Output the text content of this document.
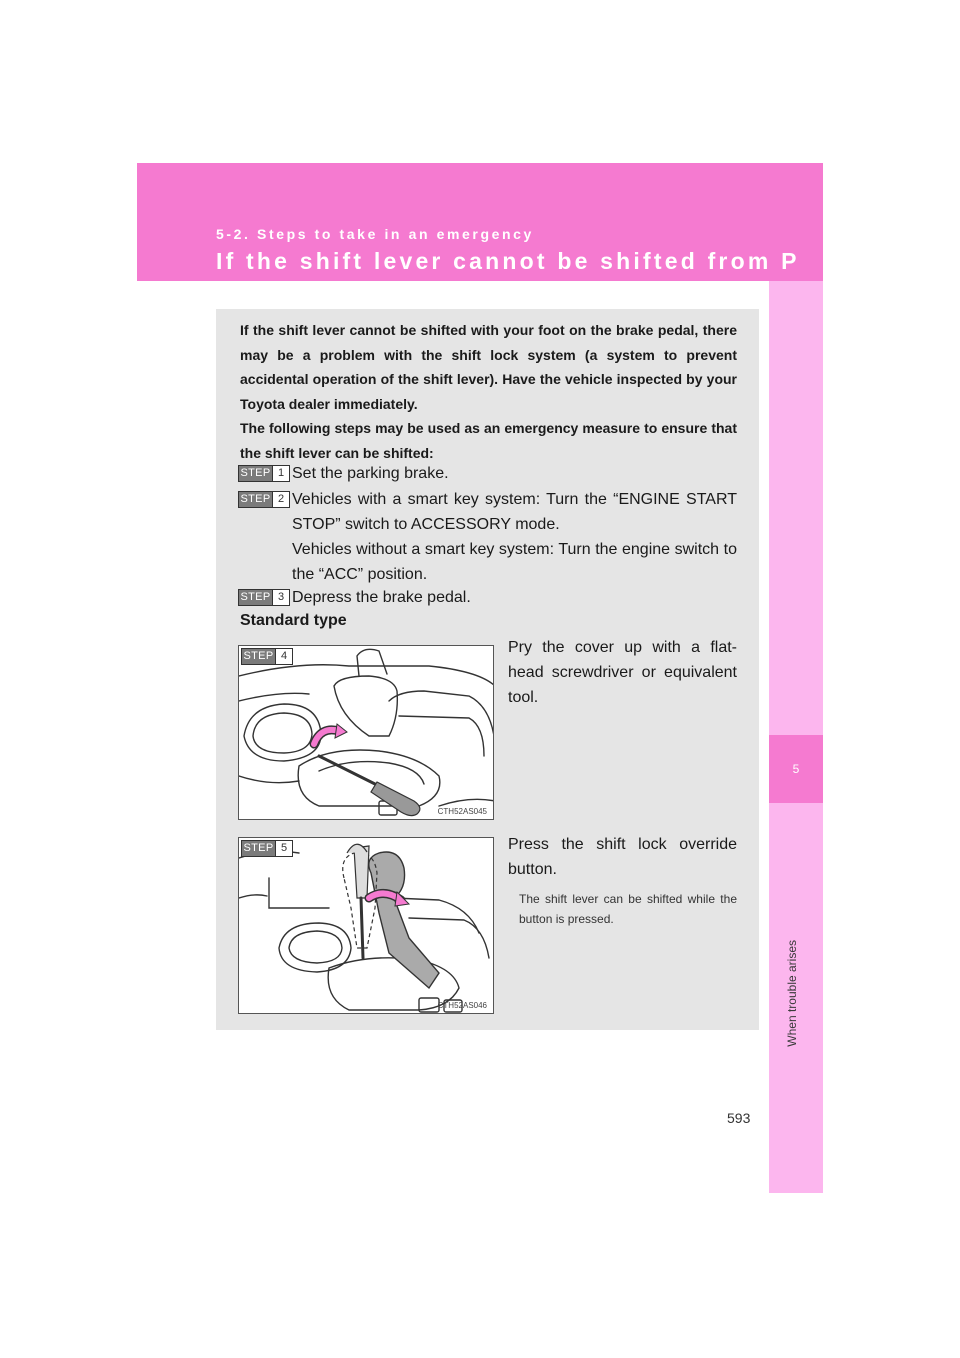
5-2. Steps to take in an emergency
If the shift lever cannot be shifted from P
5
When trouble arises

If the shift lever cannot be shifted with your foot on the brake pedal, there may be a problem with the shift lock system (a system to prevent accidental operation of the shift lever). Have the vehicle inspected by your Toyota dealer immediately.

The following steps may be used as an emergency measure to ensure that the shift lever can be shifted:

STEP 1 Set the parking brake.
STEP 2 Vehicles with a smart key system: Turn the “ENGINE START STOP” switch to ACCESSORY mode.
Vehicles without a smart key system: Turn the engine switch to the “ACC” position.
STEP 3 Depress the brake pedal.
Standard type
STEP 4
CTH52AS045
Pry the cover up with a flat-head screwdriver or equivalent tool.
STEP 5
CTH52AS046
Press the shift lock override button.
The shift lever can be shifted while the button is pressed.
593
